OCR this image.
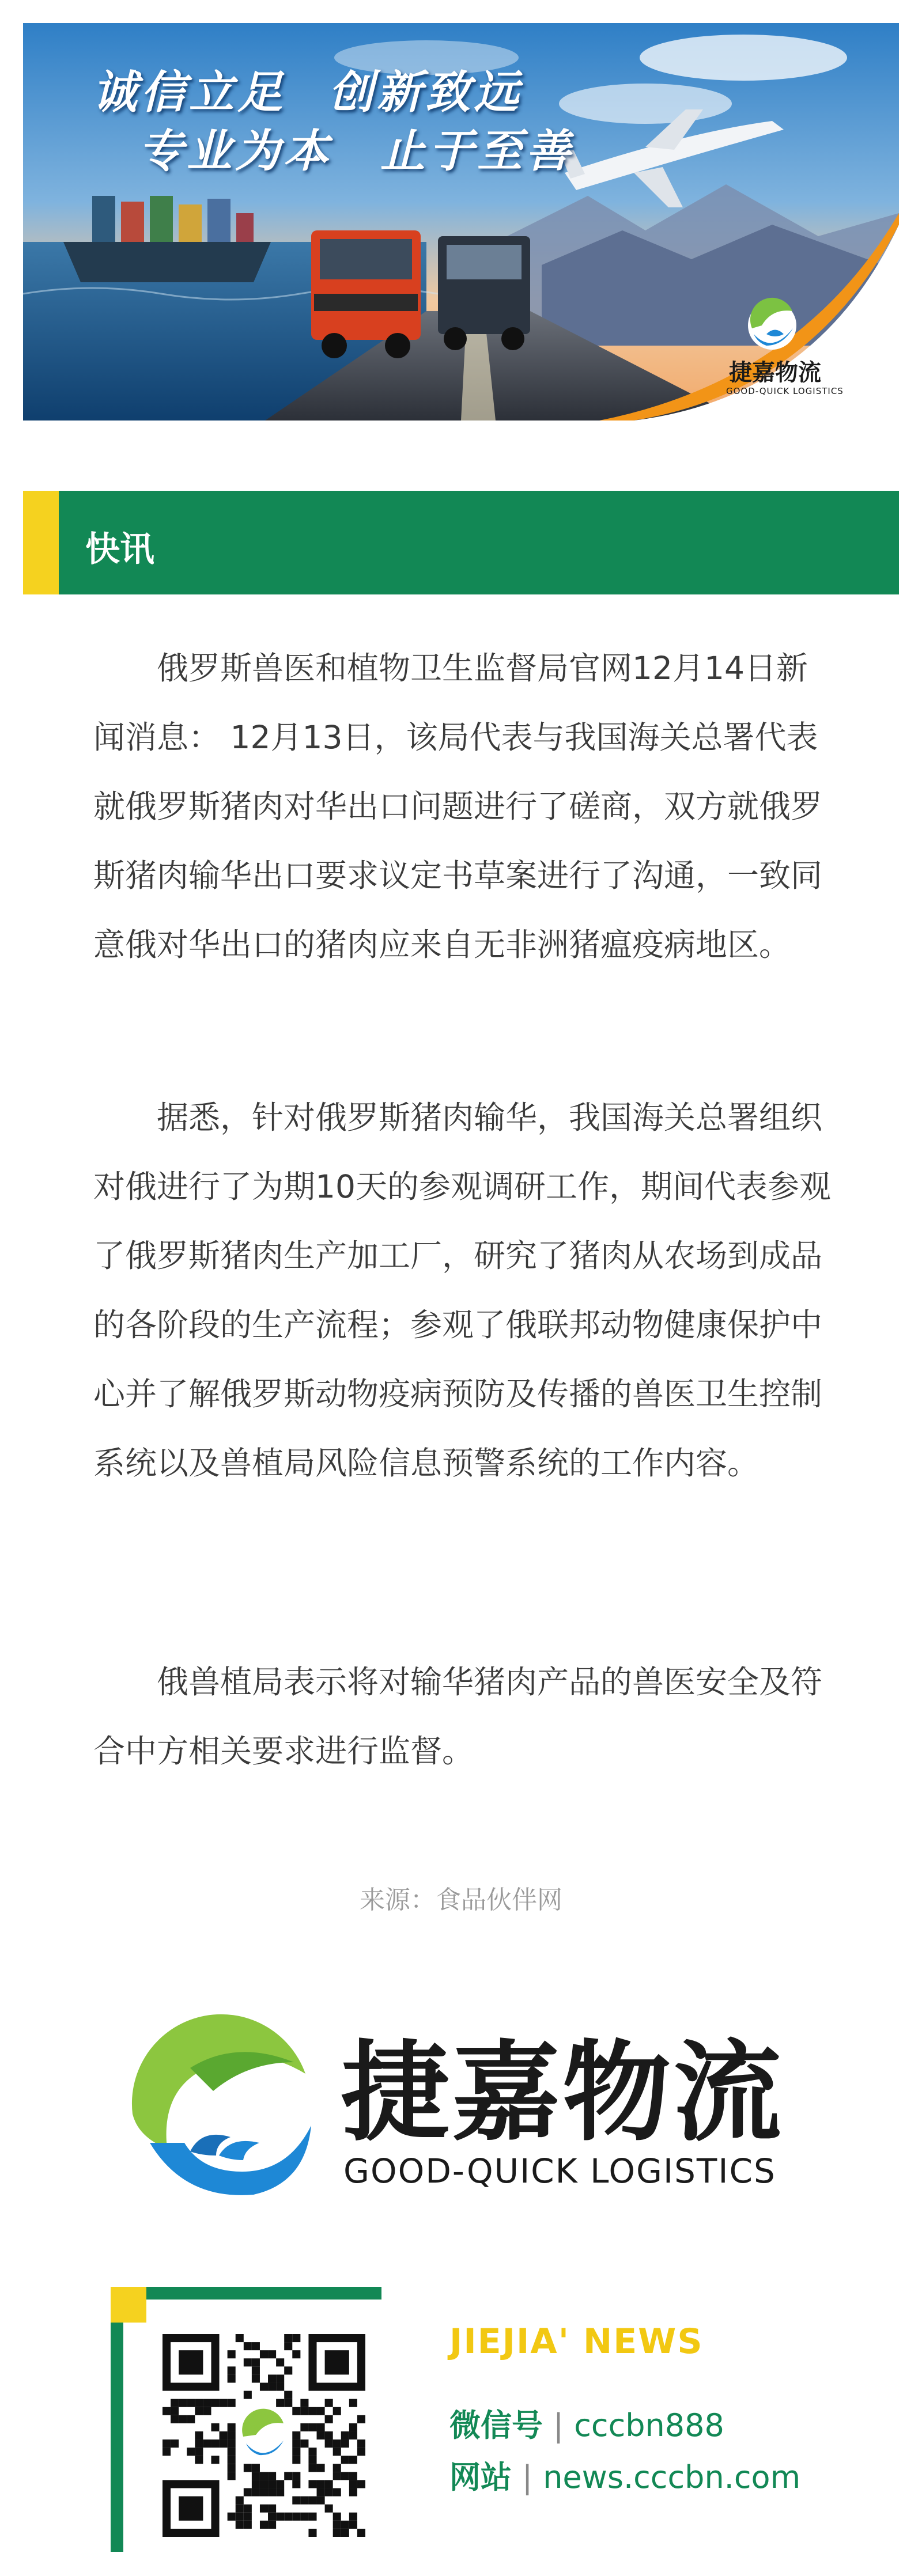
诚信立足 创新致远
专业为本 止于至善
捷嘉物流
GOOD-QUICK LOGISTICS
快讯

俄罗斯兽医和植物卫生监督局官网12月14日新闻消息： 12月13日，该局代表与我国海关总署代表就俄罗斯猪肉对华出口问题进行了磋商，双方就俄罗斯猪肉输华出口要求议定书草案进行了沟通，一致同意俄对华出口的猪肉应来自无非洲猪瘟疫病地区。

据悉，针对俄罗斯猪肉输华，我国海关总署组织对俄进行了为期10天的参观调研工作，期间代表参观了俄罗斯猪肉生产加工厂，研究了猪肉从农场到成品的各阶段的生产流程；参观了俄联邦动物健康保护中心并了解俄罗斯动物疫病预防及传播的兽医卫生控制系统以及兽植局风险信息预警系统的工作内容。

俄兽植局表示将对输华猪肉产品的兽医安全及符合中方相关要求进行监督。

来源：食品伙伴网
捷嘉物流
GOOD-QUICK LOGISTICS
JIEJIA' NEWS
微信号 | cccbn888
网站 | news.cccbn.com
